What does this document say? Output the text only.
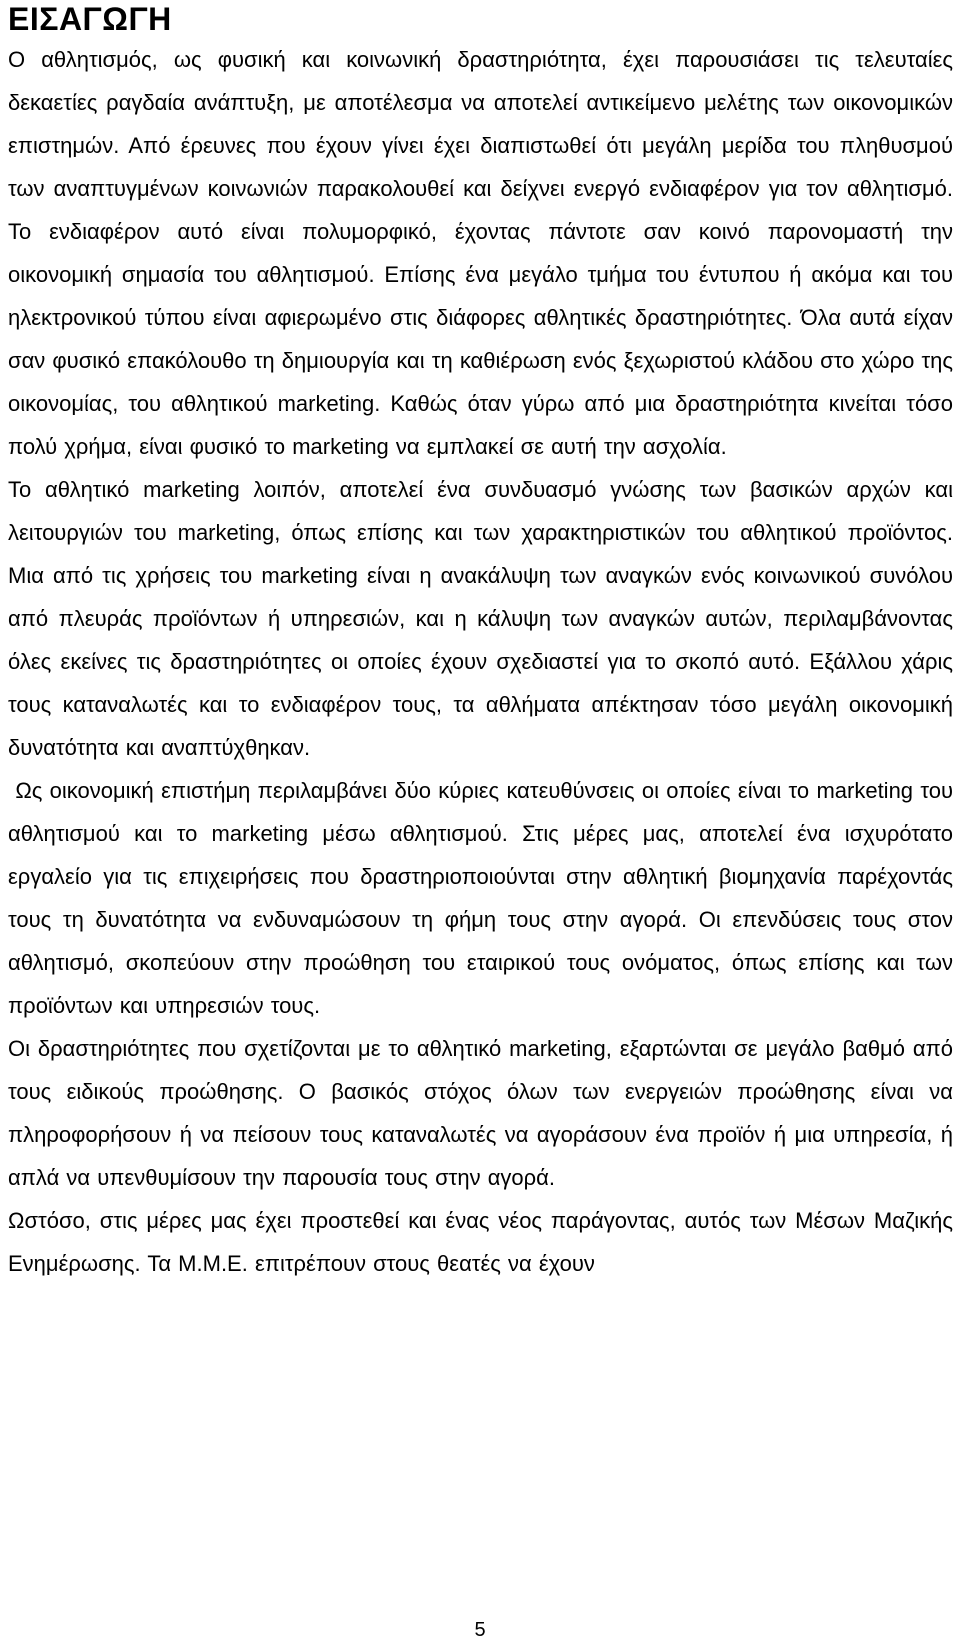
ΕΙΣΑΓΩΓΗ

Ο αθλητισμός, ως φυσική και κοινωνική δραστηριότητα, έχει παρουσιάσει τις τελευταίες δεκαετίες ραγδαία ανάπτυξη, με αποτέλεσμα να αποτελεί αντικείμενο μελέτης των οικονομικών επιστημών. Από έρευνες που έχουν γίνει έχει διαπιστωθεί ότι μεγάλη μερίδα του πληθυσμού των αναπτυγμένων κοινωνιών παρακολουθεί και δείχνει ενεργό ενδιαφέρον για τον αθλητισμό. Το ενδιαφέρον αυτό είναι πολυμορφικό, έχοντας πάντοτε σαν κοινό παρονομαστή την οικονομική σημασία του αθλητισμού. Επίσης ένα μεγάλο τμήμα του έντυπου ή ακόμα και του ηλεκτρονικού τύπου είναι αφιερωμένο στις διάφορες αθλητικές δραστηριότητες. Όλα αυτά είχαν σαν φυσικό επακόλουθο τη δημιουργία και τη καθιέρωση ενός ξεχωριστού κλάδου στο χώρο της οικονομίας, του αθλητικού marketing. Καθώς όταν γύρω από μια δραστηριότητα κινείται τόσο πολύ χρήμα, είναι φυσικό το marketing να εμπλακεί σε αυτή την ασχολία.

Το αθλητικό marketing λοιπόν, αποτελεί ένα συνδυασμό γνώσης των βασικών αρχών και λειτουργιών του marketing, όπως επίσης και των χαρακτηριστικών του αθλητικού προϊόντος. Μια από τις χρήσεις του marketing είναι η ανακάλυψη των αναγκών ενός κοινωνικού συνόλου από πλευράς προϊόντων ή υπηρεσιών, και η κάλυψη των αναγκών αυτών, περιλαμβάνοντας όλες εκείνες τις δραστηριότητες οι οποίες έχουν σχεδιαστεί για το σκοπό αυτό. Εξάλλου χάρις τους καταναλωτές και το ενδιαφέρον τους, τα αθλήματα απέκτησαν τόσο μεγάλη οικονομική δυνατότητα και αναπτύχθηκαν.

Ως οικονομική επιστήμη περιλαμβάνει δύο κύριες κατευθύνσεις οι οποίες είναι το marketing του αθλητισμού και το marketing μέσω αθλητισμού. Στις μέρες μας, αποτελεί ένα ισχυρότατο εργαλείο για τις επιχειρήσεις που δραστηριοποιούνται στην αθλητική βιομηχανία παρέχοντάς τους τη δυνατότητα να ενδυναμώσουν τη φήμη τους στην αγορά. Οι επενδύσεις τους στον αθλητισμό, σκοπεύουν στην προώθηση του εταιρικού τους ονόματος, όπως επίσης και των προϊόντων και υπηρεσιών τους.

Οι δραστηριότητες που σχετίζονται με το αθλητικό marketing, εξαρτώνται σε μεγάλο βαθμό από τους ειδικούς προώθησης. Ο βασικός στόχος όλων των ενεργειών προώθησης είναι να πληροφορήσουν ή να πείσουν τους καταναλωτές να αγοράσουν ένα προϊόν ή μια υπηρεσία, ή απλά να υπενθυμίσουν την παρουσία τους στην αγορά.

Ωστόσο, στις μέρες μας έχει προστεθεί και ένας νέος παράγοντας, αυτός των Μέσων Μαζικής Ενημέρωσης. Τα Μ.Μ.Ε. επιτρέπουν στους θεατές να έχουν

5
